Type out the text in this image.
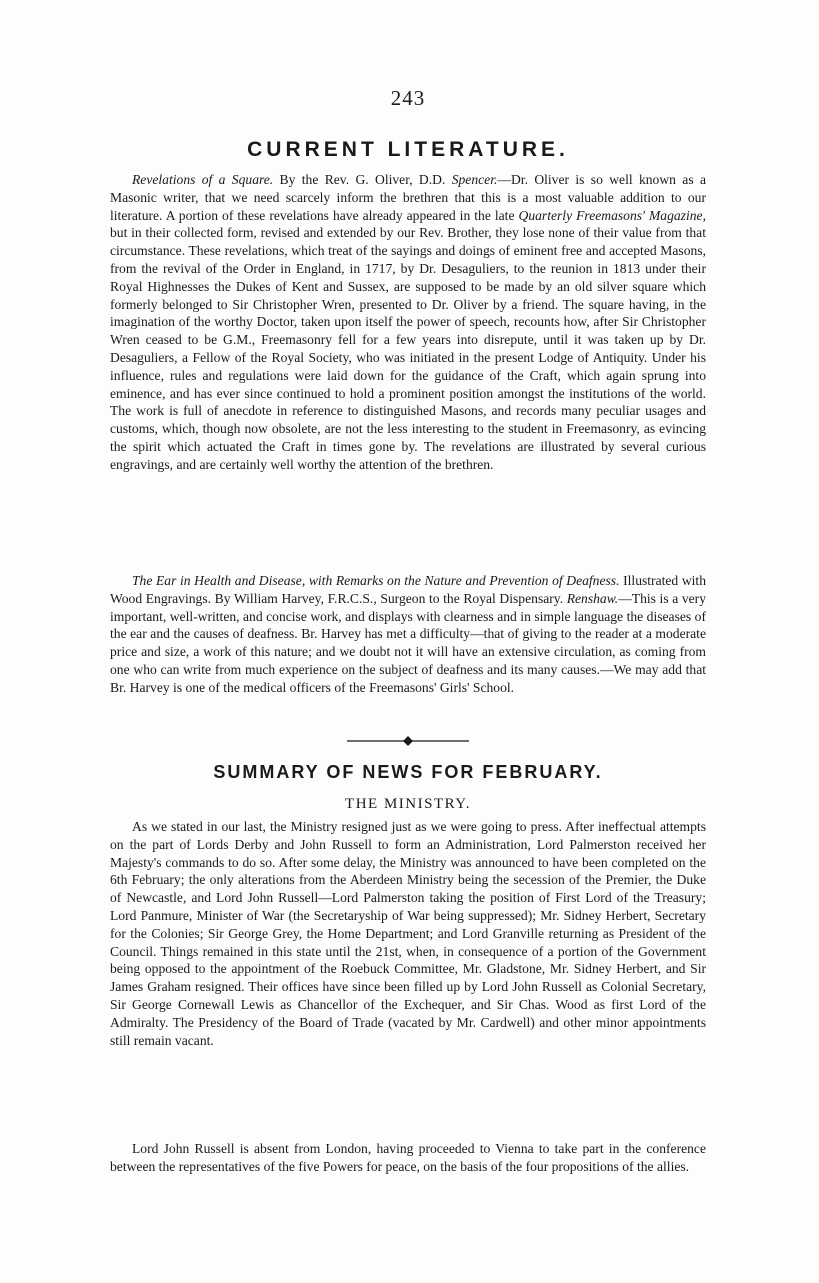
243
CURRENT LITERATURE.

Revelations of a Square. By the Rev. G. Oliver, D.D. Spencer.—Dr. Oliver is so well known as a Masonic writer, that we need scarcely inform the brethren that this is a most valuable addition to our literature. A portion of these revelations have already appeared in the late Quarterly Freemasons' Magazine, but in their collected form, revised and extended by our Rev. Brother, they lose none of their value from that circumstance. These revelations, which treat of the sayings and doings of eminent free and accepted Masons, from the revival of the Order in England, in 1717, by Dr. Desaguliers, to the reunion in 1813 under their Royal Highnesses the Dukes of Kent and Sussex, are supposed to be made by an old silver square which formerly belonged to Sir Christopher Wren, presented to Dr. Oliver by a friend. The square having, in the imagination of the worthy Doctor, taken upon itself the power of speech, recounts how, after Sir Christopher Wren ceased to be G.M., Freemasonry fell for a few years into disrepute, until it was taken up by Dr. Desaguliers, a Fellow of the Royal Society, who was initiated in the present Lodge of Antiquity. Under his influence, rules and regulations were laid down for the guidance of the Craft, which again sprung into eminence, and has ever since continued to hold a prominent position amongst the institutions of the world. The work is full of anecdote in reference to distinguished Masons, and records many peculiar usages and customs, which, though now obsolete, are not the less interesting to the student in Freemasonry, as evincing the spirit which actuated the Craft in times gone by. The revelations are illustrated by several curious engravings, and are certainly well worthy the attention of the brethren.

The Ear in Health and Disease, with Remarks on the Nature and Prevention of Deafness. Illustrated with Wood Engravings. By William Harvey, F.R.C.S., Surgeon to the Royal Dispensary. Renshaw.—This is a very important, well-written, and concise work, and displays with clearness and in simple language the diseases of the ear and the causes of deafness. Br. Harvey has met a difficulty—that of giving to the reader at a moderate price and size, a work of this nature; and we doubt not it will have an extensive circulation, as coming from one who can write from much experience on the subject of deafness and its many causes.—We may add that Br. Harvey is one of the medical officers of the Freemasons' Girls' School.

SUMMARY OF NEWS FOR FEBRUARY.
THE MINISTRY.

As we stated in our last, the Ministry resigned just as we were going to press. After ineffectual attempts on the part of Lords Derby and John Russell to form an Administration, Lord Palmerston received her Majesty's commands to do so. After some delay, the Ministry was announced to have been completed on the 6th February; the only alterations from the Aberdeen Ministry being the secession of the Premier, the Duke of Newcastle, and Lord John Russell—Lord Palmerston taking the position of First Lord of the Treasury; Lord Panmure, Minister of War (the Secretaryship of War being suppressed); Mr. Sidney Herbert, Secretary for the Colonies; Sir George Grey, the Home Department; and Lord Granville returning as President of the Council. Things remained in this state until the 21st, when, in consequence of a portion of the Government being opposed to the appointment of the Roebuck Committee, Mr. Gladstone, Mr. Sidney Herbert, and Sir James Graham resigned. Their offices have since been filled up by Lord John Russell as Colonial Secretary, Sir George Cornewall Lewis as Chancellor of the Exchequer, and Sir Chas. Wood as first Lord of the Admiralty. The Presidency of the Board of Trade (vacated by Mr. Cardwell) and other minor appointments still remain vacant.

Lord John Russell is absent from London, having proceeded to Vienna to take part in the conference between the representatives of the five Powers for peace, on the basis of the four propositions of the allies.
